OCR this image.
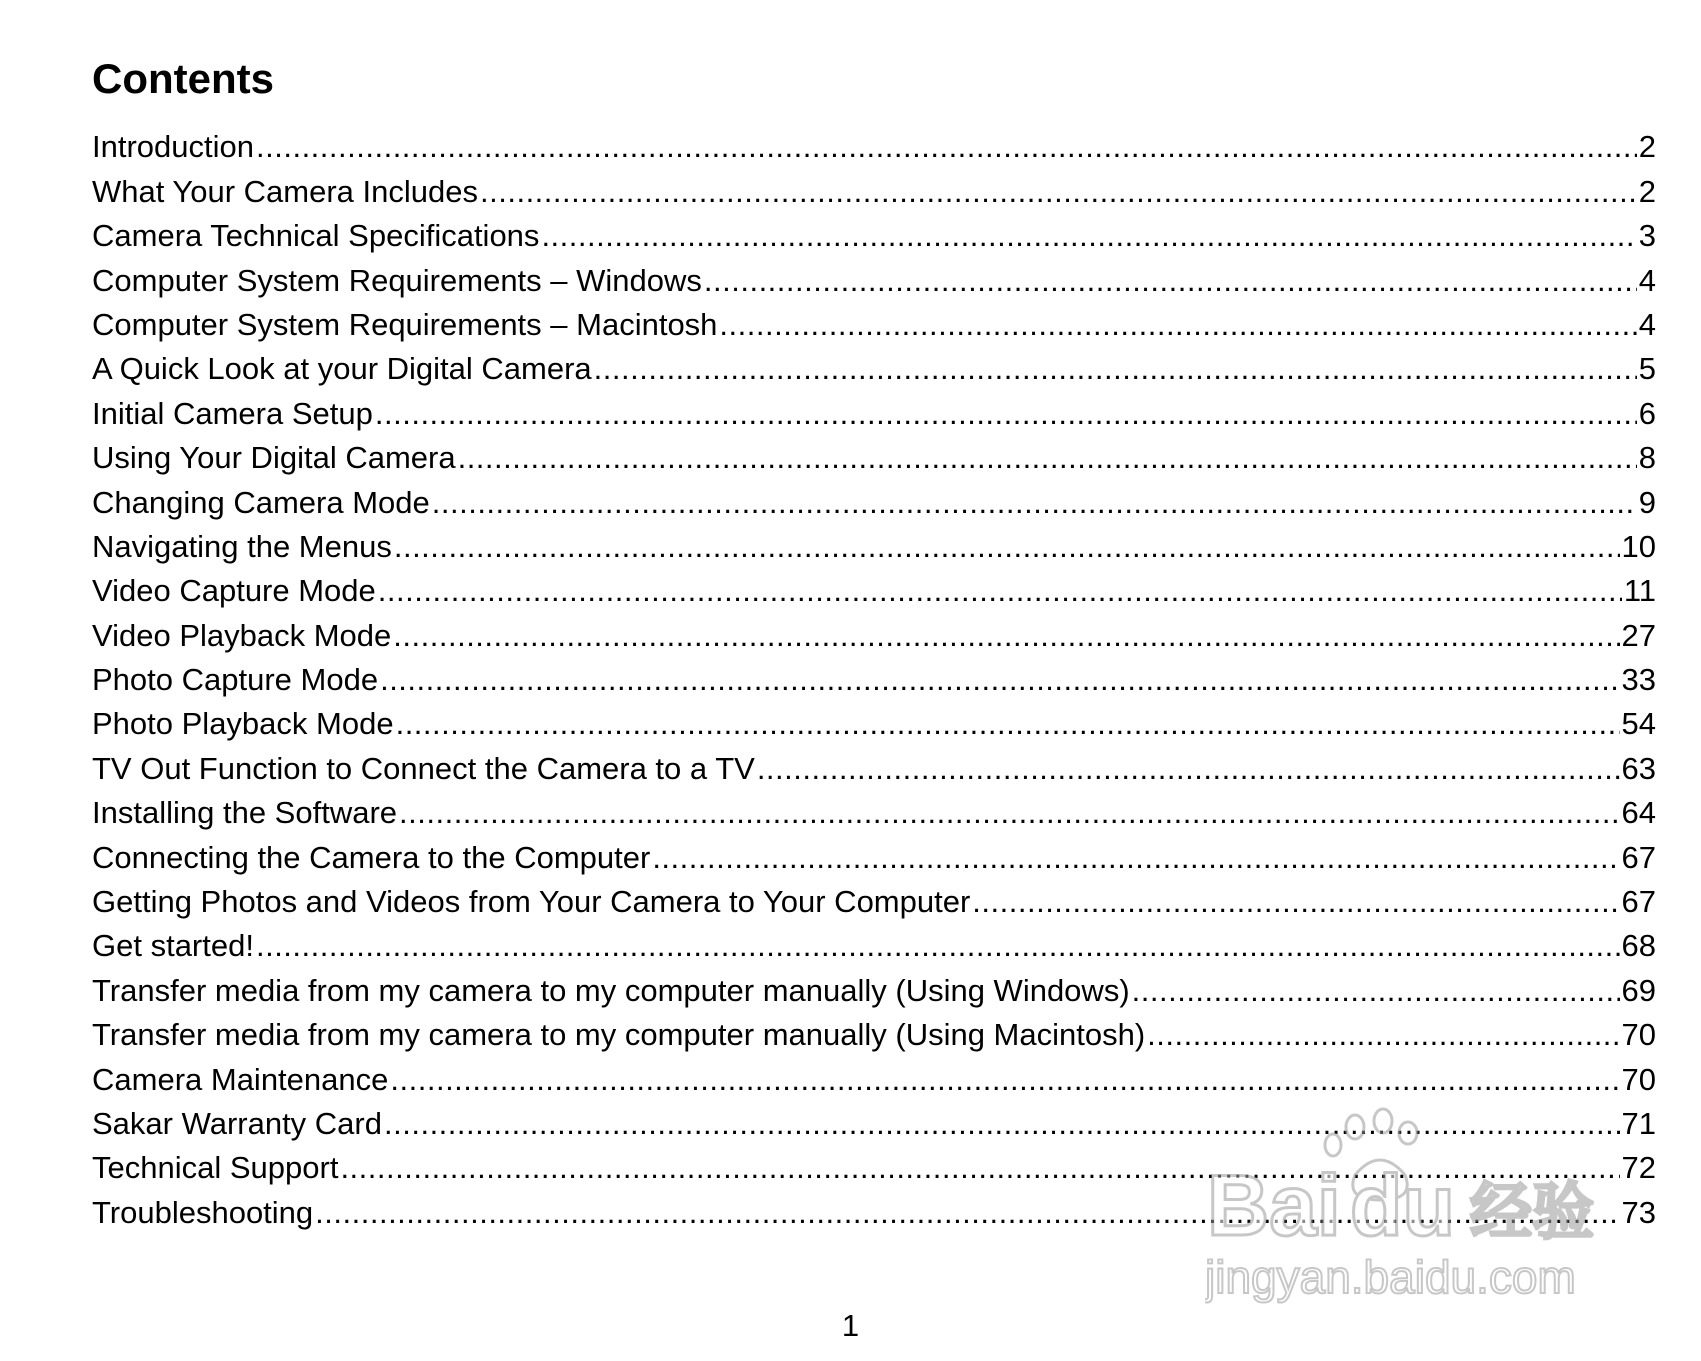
Contents
Introduction .....	2
What Your Camera Includes .....	2
Camera Technical Specifications .....	3
Computer System Requirements – Windows .....	4
Computer System Requirements – Macintosh .....	4
A Quick Look at your Digital Camera .....	5
Initial Camera Setup .....	6
Using Your Digital Camera .....	8
Changing Camera Mode .....	9
Navigating the Menus .....	10
Video Capture Mode .....	11
Video Playback Mode .....	27
Photo Capture Mode .....	33
Photo Playback Mode .....	54
TV Out Function to Connect the Camera to a TV .....	63
Installing the Software .....	64
Connecting the Camera to the Computer .....	67
Getting Photos and Videos from Your Camera to Your Computer .....	67
Get started! .....	68
Transfer media from my camera to my computer manually (Using Windows) .....	69
Transfer media from my camera to my computer manually (Using Macintosh) .....	70
Camera Maintenance .....	70
Sakar Warranty Card .....	71
Technical Support .....	72
Troubleshooting .....	73
1
Bai du 经验
jingyan.baidu.com
